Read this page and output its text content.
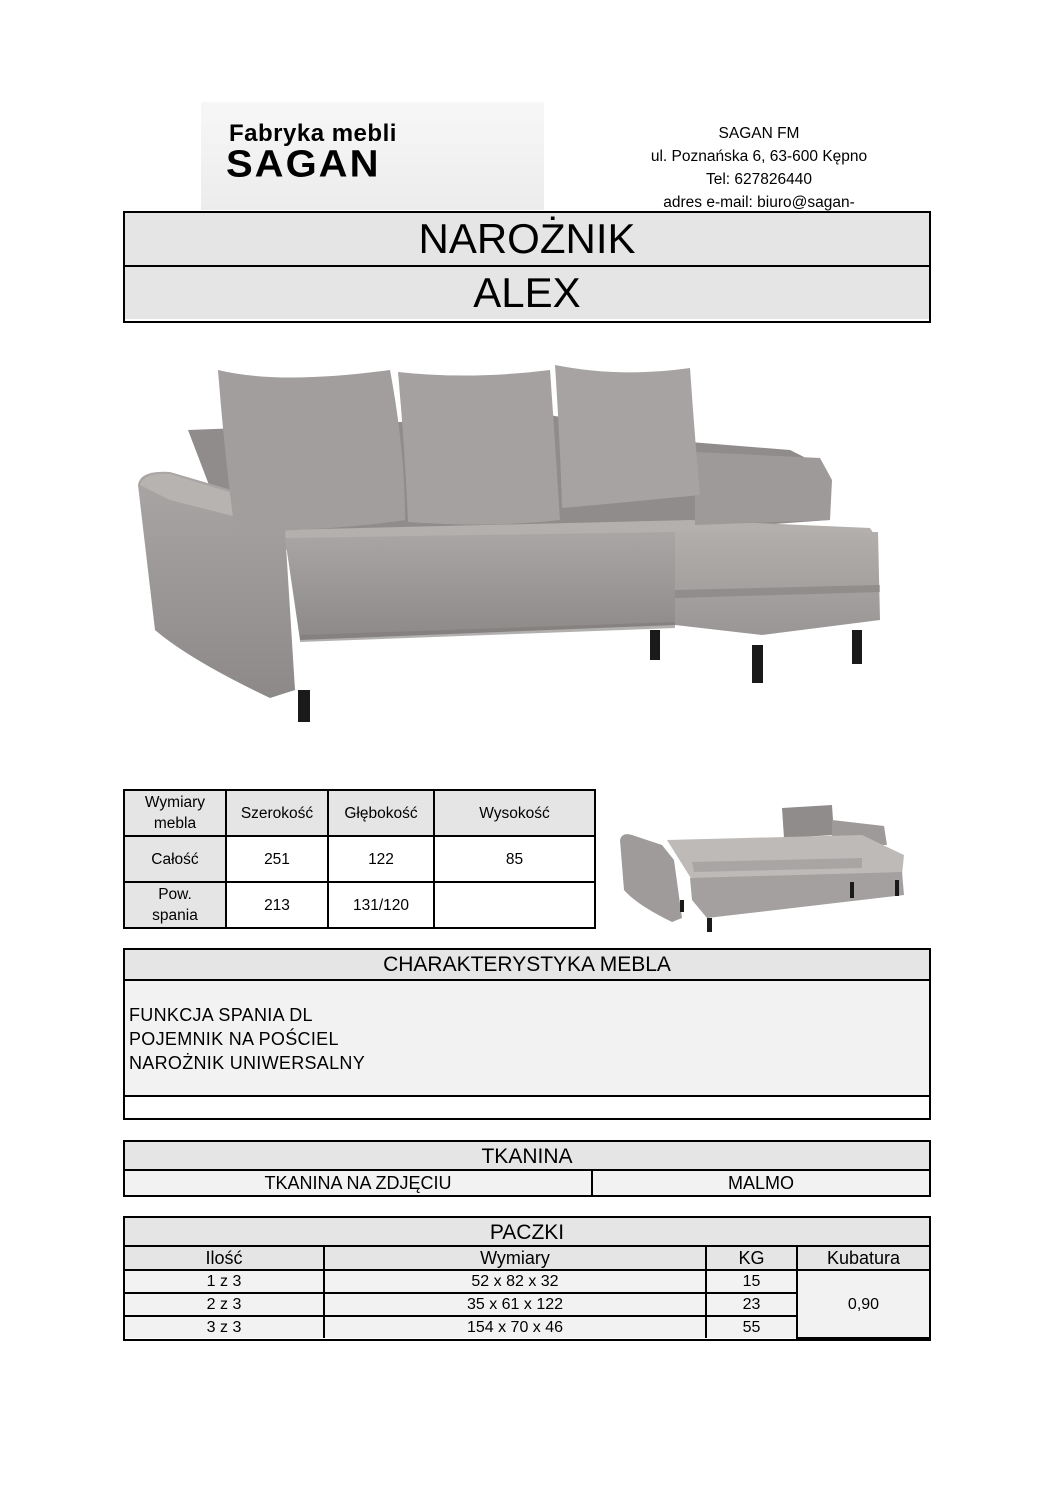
Fabryka mebli
SAGAN
SAGAN FM
ul. Poznańska 6, 63-600 Kępno
Tel: 627826440
adres e-mail: biuro@sagan-
NAROŻNIK
ALEX
Wymiary mebla	Szerokość	Głębokość	Wysokość
Całość	251	122	85
Pow. spania	213	131/120	
CHARAKTERYSTYKA MEBLA
FUNKCJA SPANIA DL
POJEMNIK NA POŚCIEL
NAROŻNIK UNIWERSALNY
TKANINA
TKANINA NA ZDJĘCIU	MALMO
PACZKI
Ilość	Wymiary	KG	Kubatura
1 z 3	52 x 82 x 32	15	0,90
2 z 3	35 x 61 x 122	23	
3 z 3	154 x 70 x 46	55	
